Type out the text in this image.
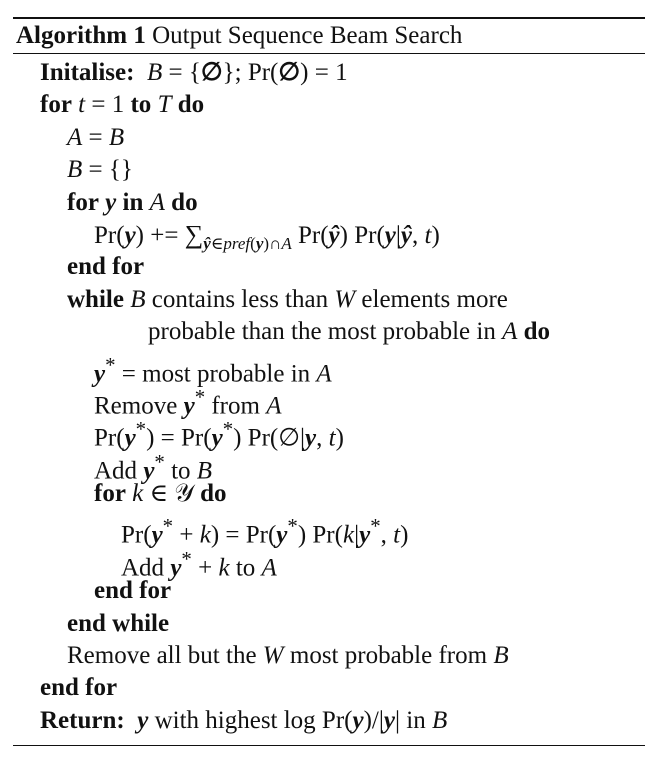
Algorithm 1 Output Sequence Beam Search
Initalise: B = {∅}; Pr(∅) = 1
for t = 1 to T do
A = B
B = {}
for y in A do
$Pr(y) += \sum_{ŷ\in pref(y)\cap A}$ Pr(ŷ) Pr(y|ŷ, t)
end for
while B contains less than W elements more
probable than the most probable in A do
y* = most probable in A
Remove y* from A
Pr(y*) = Pr(y*) Pr(∅|y, t)
Add y* to B
for k ∈ 𝒴 do
Pr(y* + k) = Pr(y*) Pr(k|y*, t)
Add y* + k to A
end for
end while
Remove all but the W most probable from B
end for
Return: y with highest log Pr(y)/|y| in B
